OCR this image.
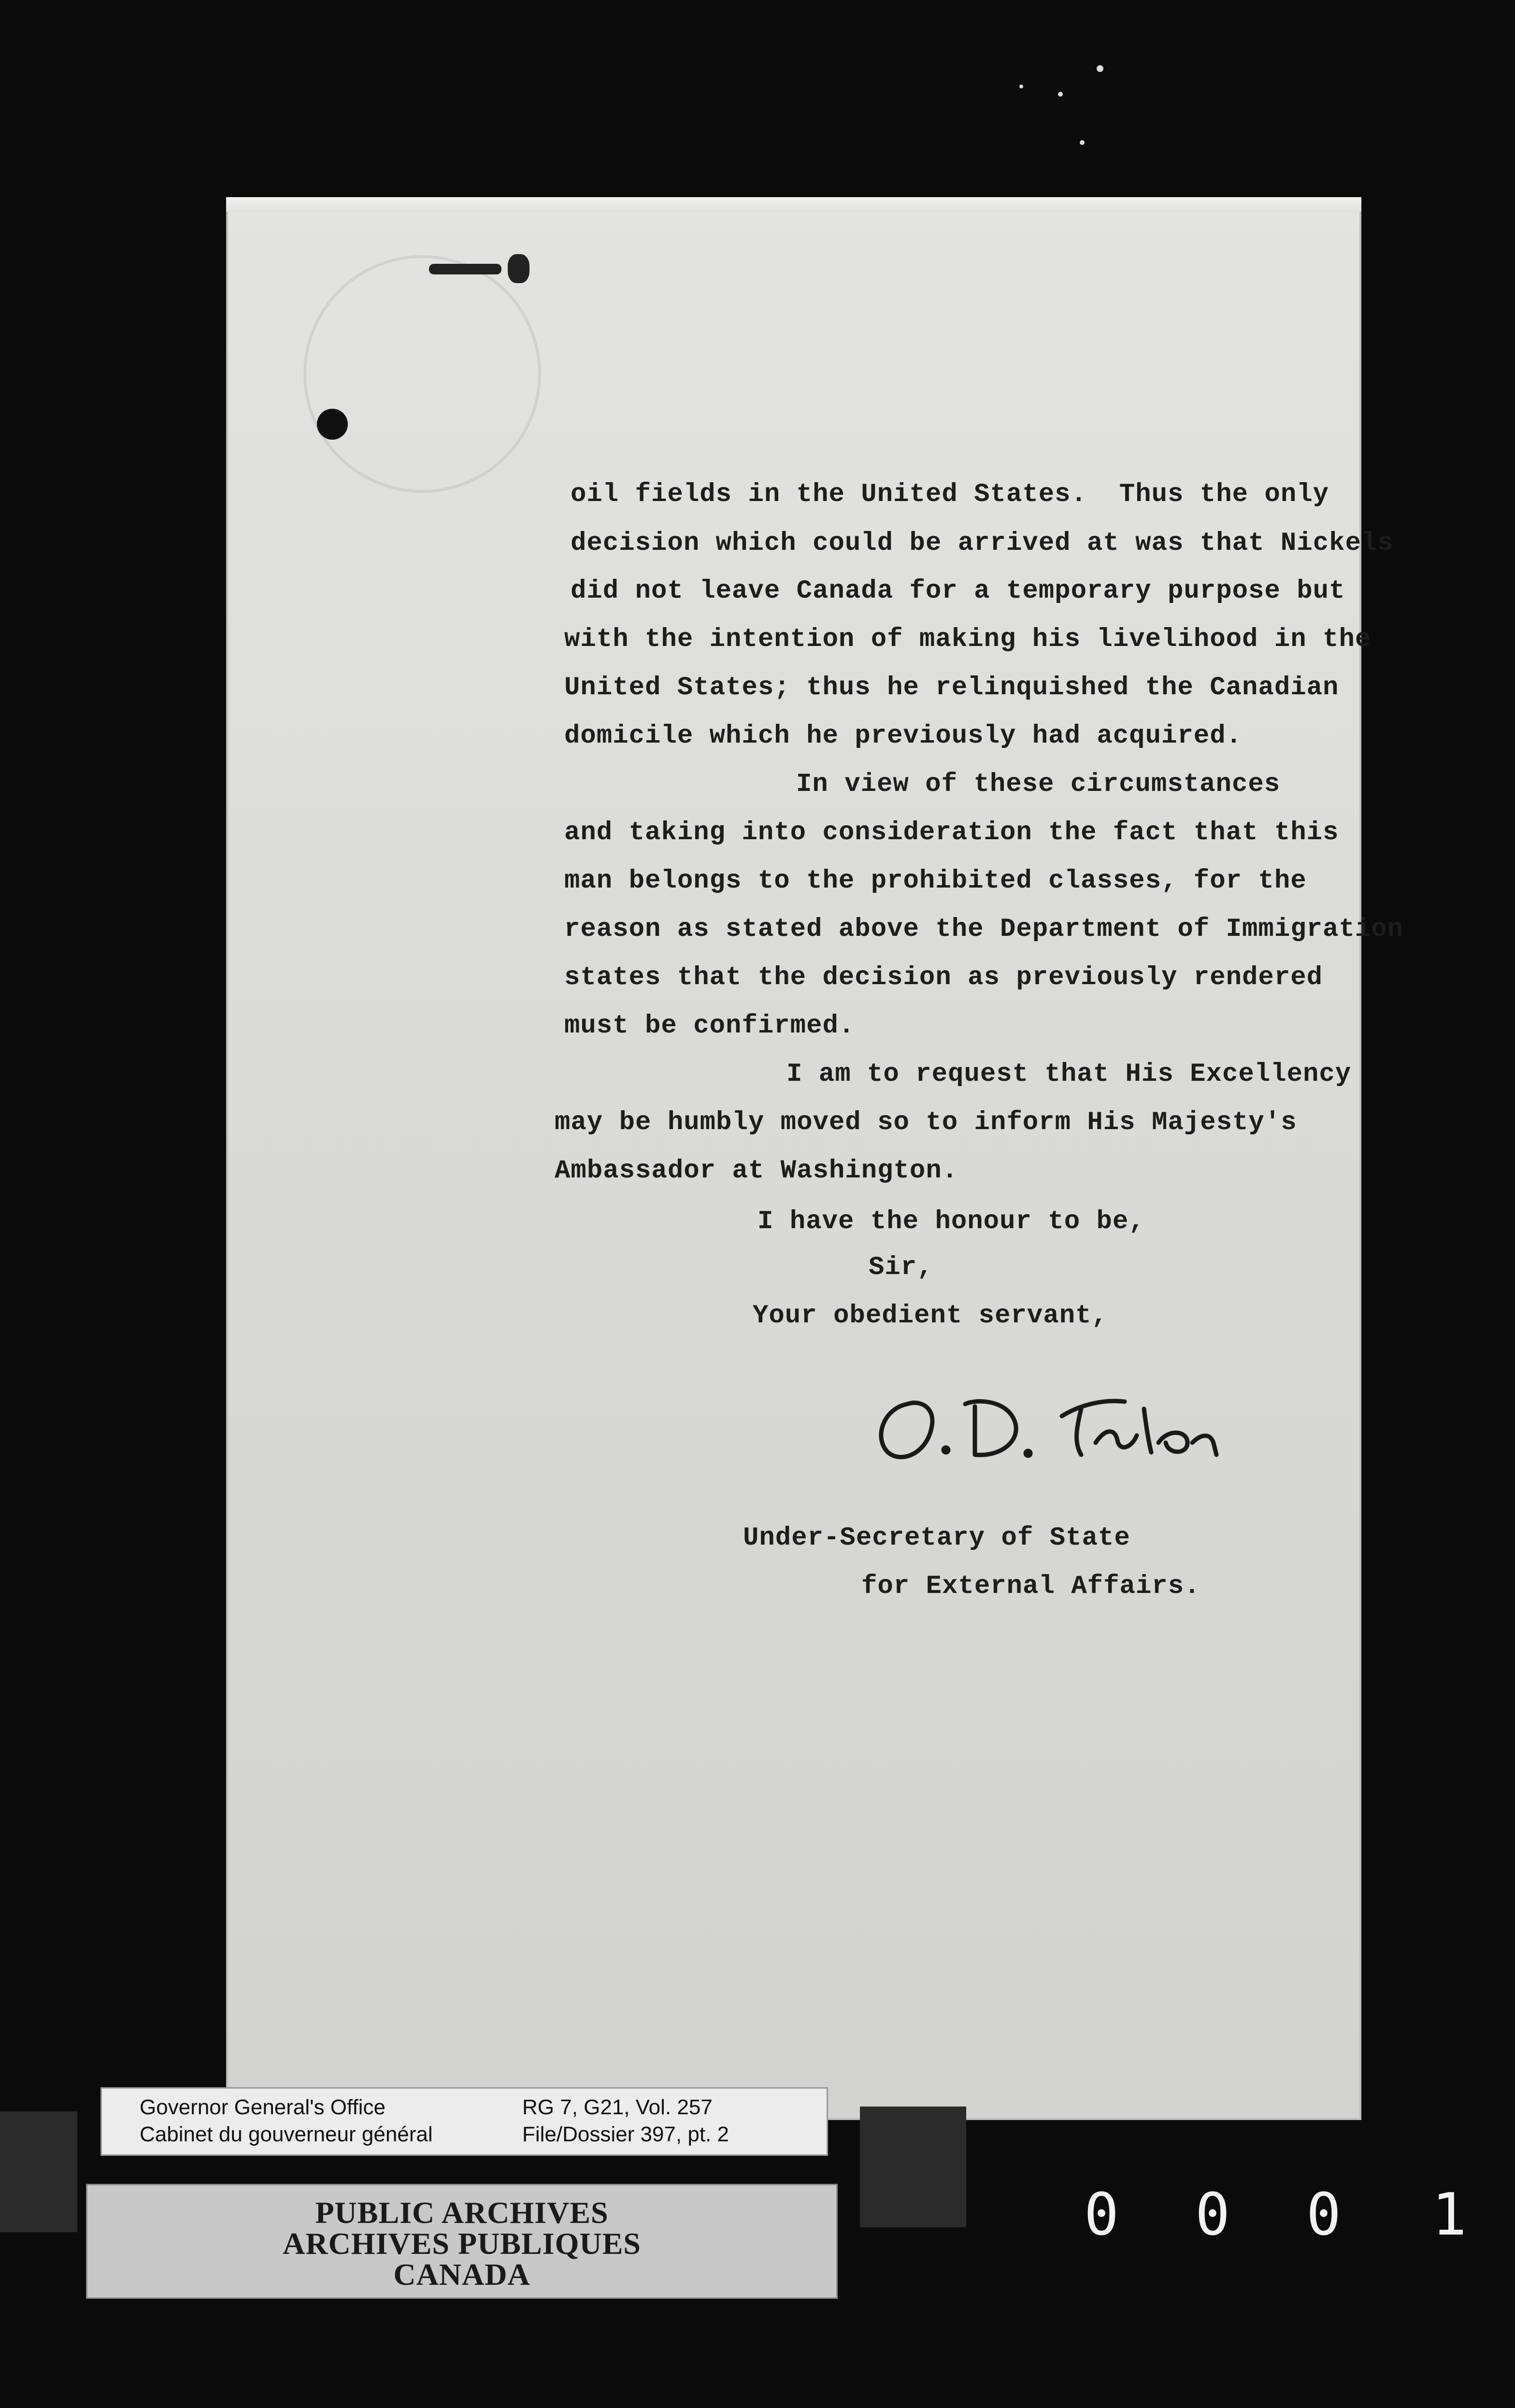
oil fields in the United States.  Thus the only
decision which could be arrived at was that Nickels
did not leave Canada for a temporary purpose but
with the intention of making his livelihood in the
United States; thus he relinquished the Canadian
domicile which he previously had acquired.
In view of these circumstances
and taking into consideration the fact that this
man belongs to the prohibited classes, for the
reason as stated above the Department of Immigration
states that the decision as previously rendered
must be confirmed.
I am to request that His Excellency
may be humbly moved so to inform His Majesty's
Ambassador at Washington.
I have the honour to be,
Sir,
Your obedient servant,
Under-Secretary of State
for External Affairs.
Governor General's Office
Cabinet du gouverneur général
RG 7, G21, Vol. 257
File/Dossier 397, pt. 2
PUBLIC ARCHIVES
ARCHIVES PUBLIQUES
CANADA
0 0 0 1
